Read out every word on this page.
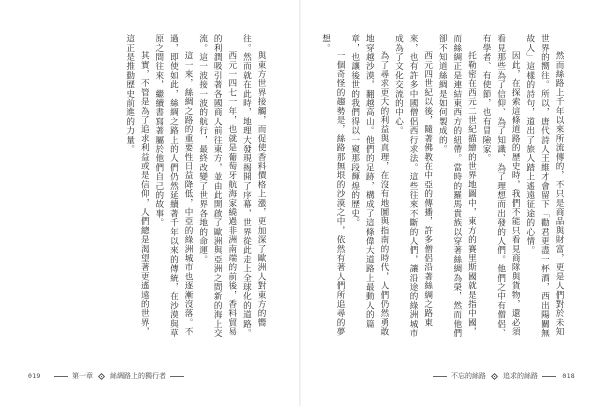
與東方世界接觸，而促使香料價格上漲，更加深了歐洲人對東方的嚮往。然而就在此時，地理大發現揭開了序幕，世界從此走上全球化的道路。

西元一四七一年，也就是葡萄牙航海家繞過非洲南端的前後，香料貿易的利潤吸引著各國商人前往東方，並由此開啟了歐洲與亞洲之間新的海上交流。這一波接一波的航行，最終改變了世界各地的命運。

這一來，絲綢之路的重要性日益降低，中亞的綠洲城市也逐漸沒落。不過，即使如此，絲綢之路上的人們仍然延續著千年以來的傳統，在沙漠與草原之間往來，繼續書寫著屬於他們自己的故事。

其實，不管是為了追求利益或是信仰，人們總是渴望著更遙遠的世界，這正是推動歷史前進的力量。

019	第一章 絲綢路上的獨行者

然而絲路上千年以來所流傳的，不只是商品與財富，更是人們對於未知世界的嚮往。所以，唐代詩人王維才會留下「勸君更盡一杯酒，西出陽關無故人」這樣的詩句，道出了旅人踏上遙遠征途的心情。

因此，在探索這條道路的歷史時，我們不能只看見商隊與貨物，還必須看見那些為了信仰、為了知識、為了理想而出發的人們。他們之中有僧侶、有學者、有使節，也有冒險家。

托勒密在西元二世紀描繪的世界地圖中，東方的賽里斯國就是指中國，而絲綢正是連結東西方的紐帶。當時的羅馬貴族以穿著絲綢為榮，然而他們卻不知道絲綢是如何製成的。

西元四世紀以後，隨著佛教在中亞的傳播，許多僧侶沿著絲綢之路東來，也有許多中國僧侶西行求法。這些往來不斷的人們，讓沿途的綠洲城市成為了文化交流的中心。

為了尋求更大的利益與真理，在沒有地圖與指南的時代，人們仍然勇敢地穿越沙漠，翻越高山。他們的足跡，構成了這條偉大道路上最動人的篇章，也讓後世的我們得以一窺那段輝煌的歷史。

一個奇怪的趨勢是，絲路那無垠的沙漠之中，依然有著人們所追尋的夢想。

不忘的絲路 追求的絲路	018
